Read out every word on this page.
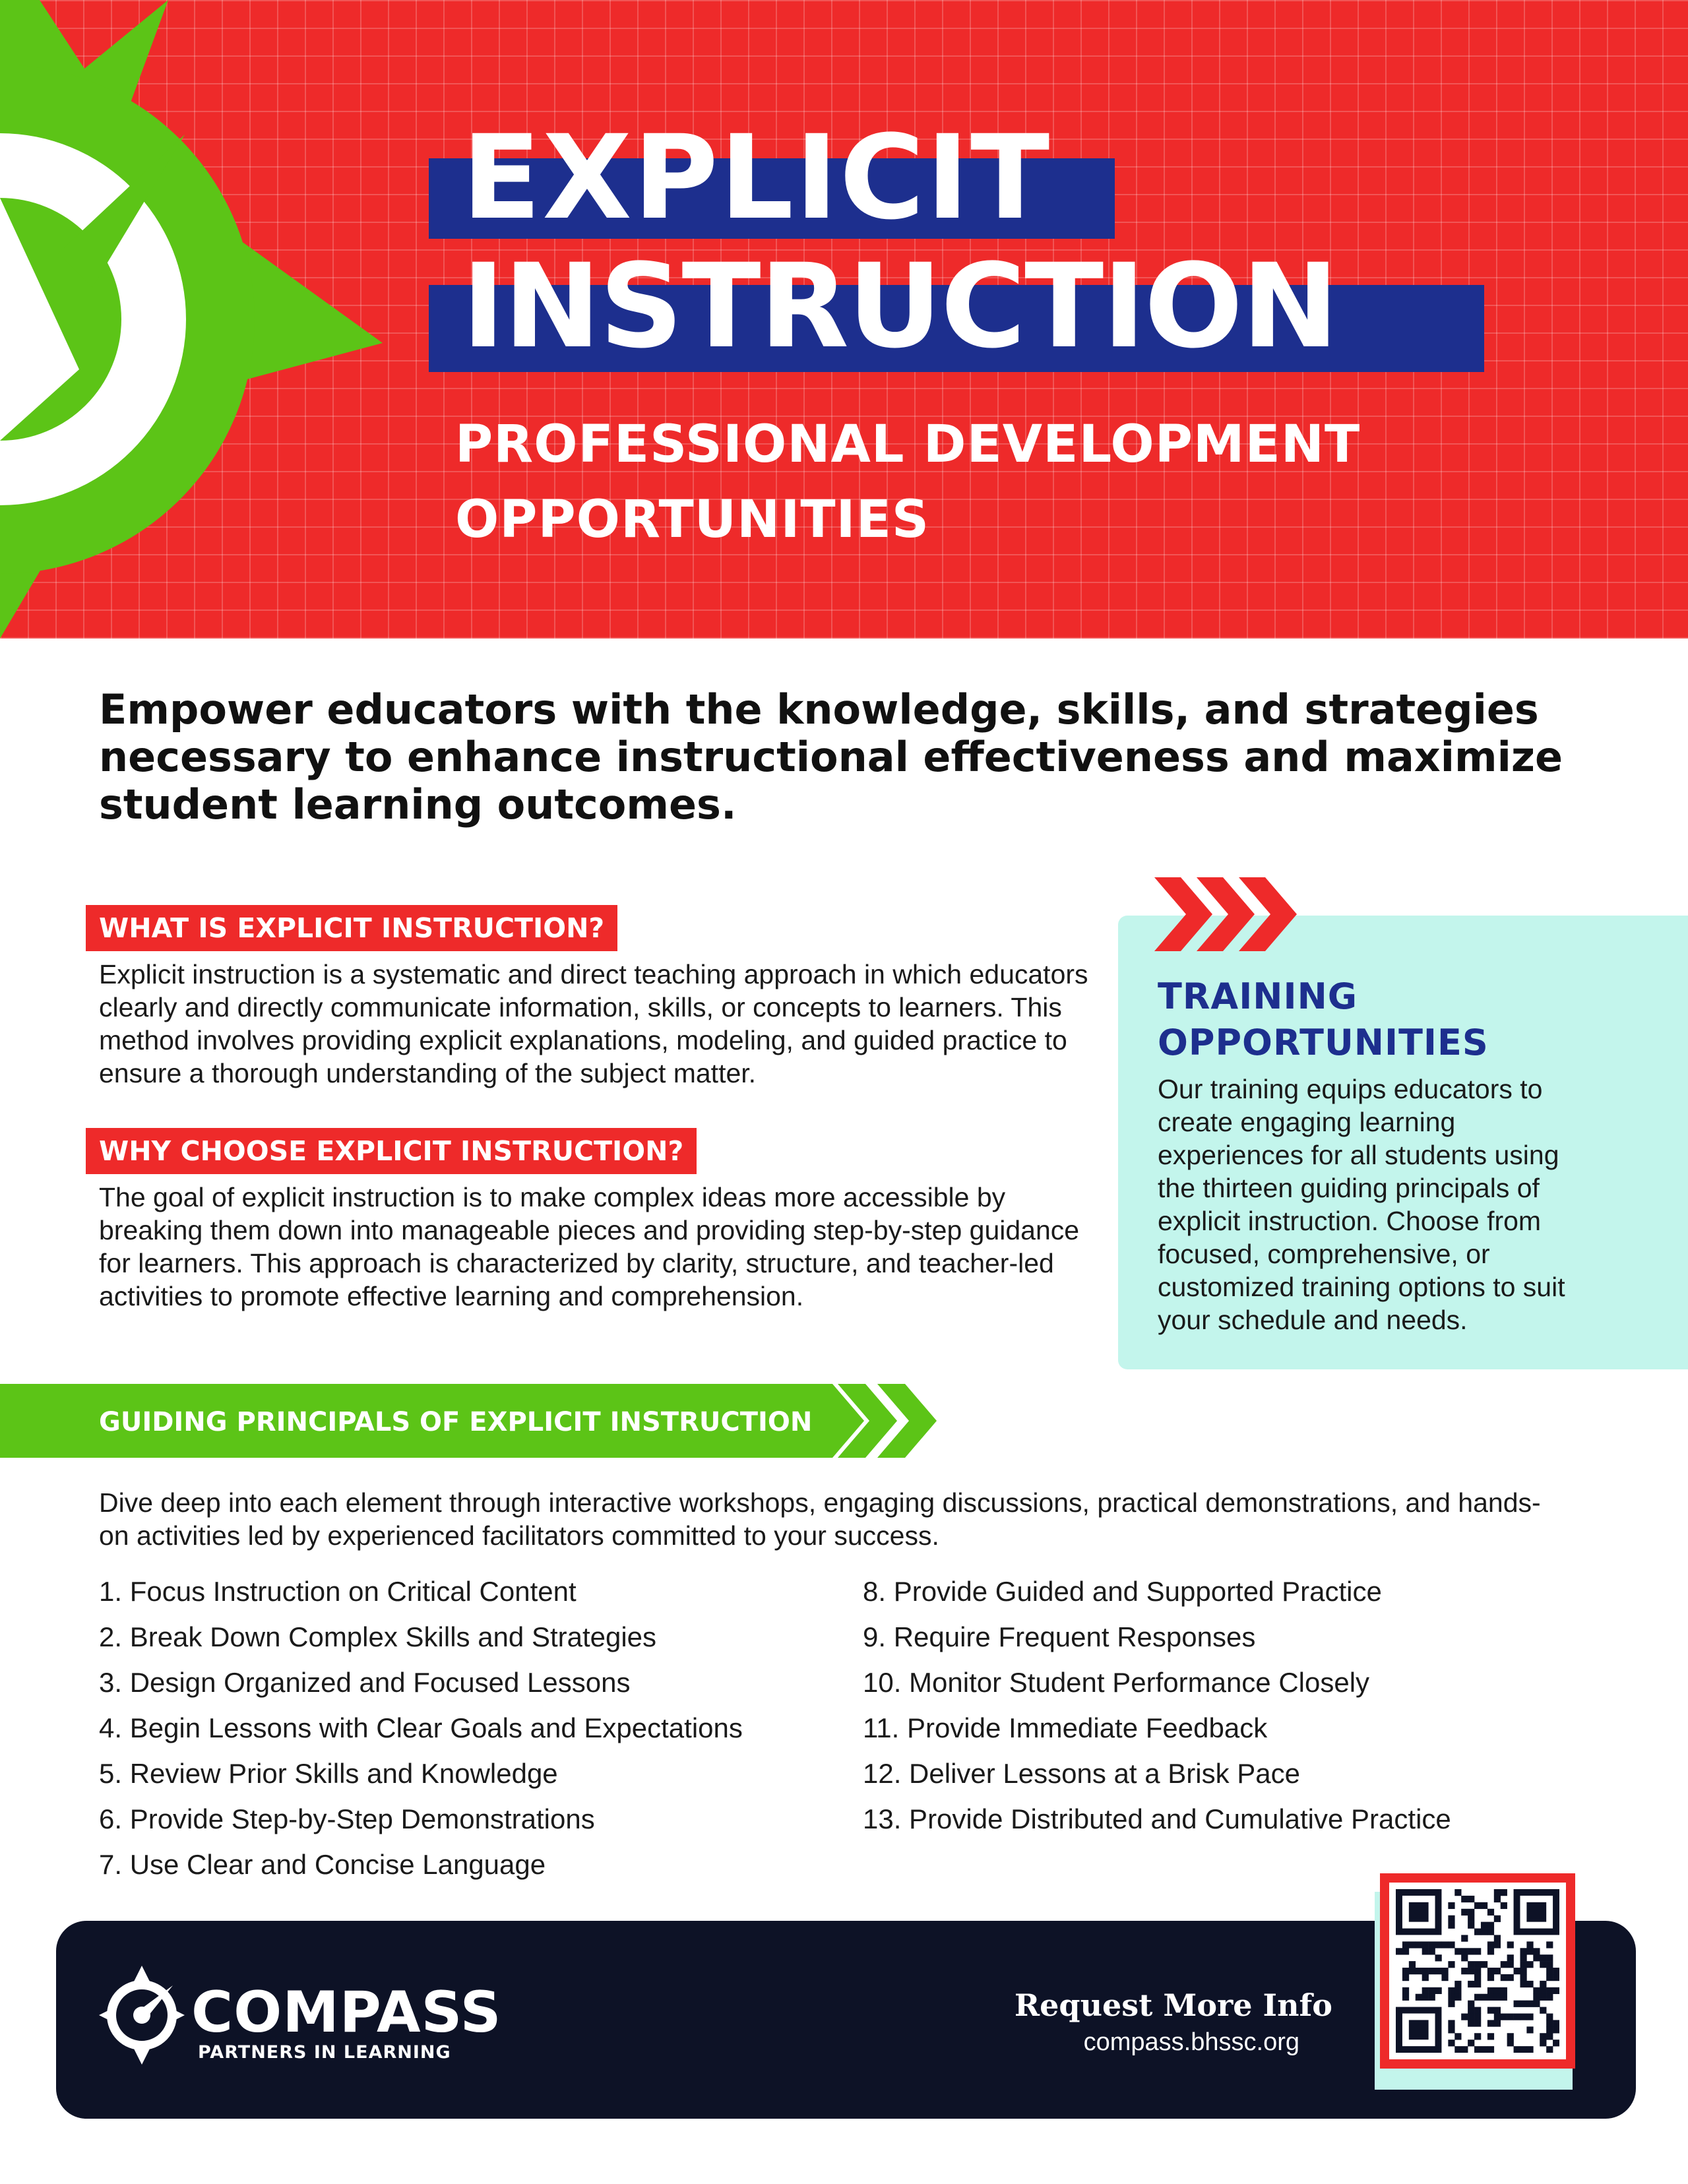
EXPLICIT
INSTRUCTION
PROFESSIONAL DEVELOPMENT
OPPORTUNITIES
Empower educators with the knowledge, skills, and strategies necessary to enhance instructional effectiveness and maximize student learning outcomes.
WHAT IS EXPLICIT INSTRUCTION?
Explicit instruction is a systematic and direct teaching approach in which educators clearly and directly communicate information, skills, or concepts to learners. This method involves providing explicit explanations, modeling, and guided practice to ensure a thorough understanding of the subject matter.
WHY CHOOSE EXPLICIT INSTRUCTION?
The goal of explicit instruction is to make complex ideas more accessible by breaking them down into manageable pieces and providing step-by-step guidance for learners. This approach is characterized by clarity, structure, and teacher-led activities to promote effective learning and comprehension.
TRAINING OPPORTUNITIES
Our training equips educators to create engaging learning experiences for all students using the thirteen guiding principals of explicit instruction. Choose from focused, comprehensive, or customized training options to suit your schedule and needs.
GUIDING PRINCIPALS OF EXPLICIT INSTRUCTION
Dive deep into each element through interactive workshops, engaging discussions, practical demonstrations, and hands-on activities led by experienced facilitators committed to your success.
1. Focus Instruction on Critical Content
2. Break Down Complex Skills and Strategies
3. Design Organized and Focused Lessons
4. Begin Lessons with Clear Goals and Expectations
5. Review Prior Skills and Knowledge
6. Provide Step-by-Step Demonstrations
7. Use Clear and Concise Language
8. Provide Guided and Supported Practice
9. Require Frequent Responses
10. Monitor Student Performance Closely
11. Provide Immediate Feedback
12. Deliver Lessons at a Brisk Pace
13. Provide Distributed and Cumulative Practice
COMPASS
PARTNERS IN LEARNING
Request More Info
compass.bhssc.org
